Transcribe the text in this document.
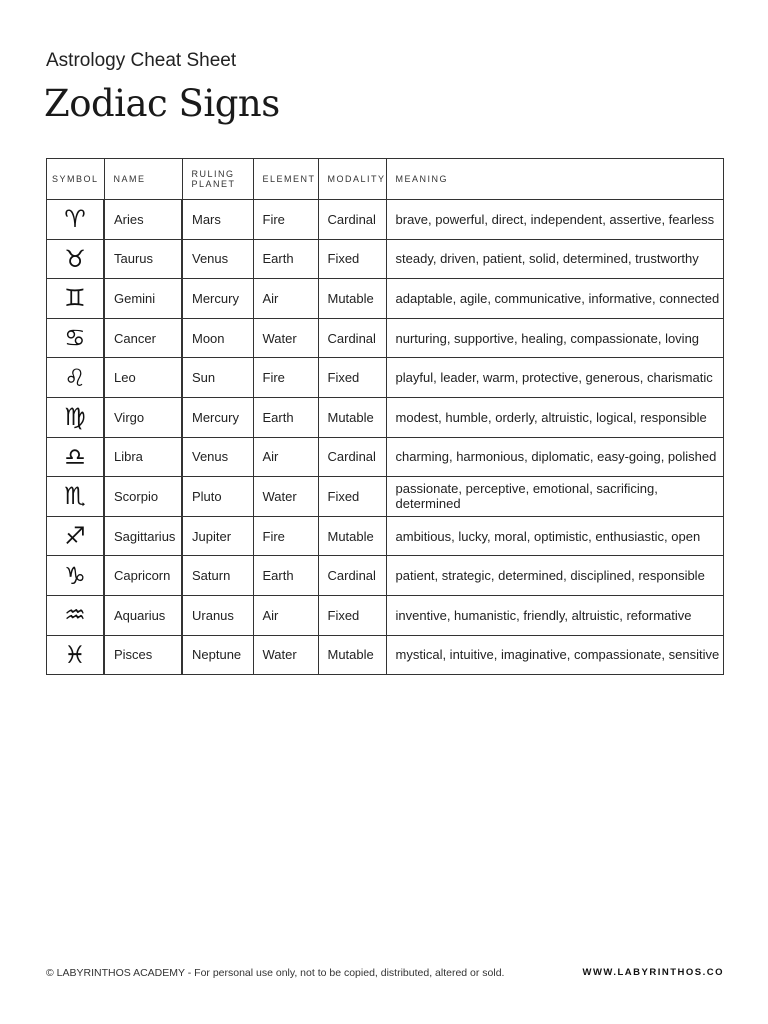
Astrology Cheat Sheet
Zodiac Signs
SYMBOL	NAME	RULING PLANET	ELEMENT	MODALITY	MEANING
♈︎	Aries	Mars	Fire	Cardinal	brave, powerful, direct, independent, assertive, fearless
♉︎	Taurus	Venus	Earth	Fixed	steady, driven, patient, solid, determined, trustworthy
♊︎	Gemini	Mercury	Air	Mutable	adaptable, agile, communicative, informative, connected
♋︎	Cancer	Moon	Water	Cardinal	nurturing, supportive, healing, compassionate, loving
♌︎	Leo	Sun	Fire	Fixed	playful, leader, warm, protective, generous, charismatic
♍︎	Virgo	Mercury	Earth	Mutable	modest, humble, orderly, altruistic, logical, responsible
♎︎	Libra	Venus	Air	Cardinal	charming, harmonious, diplomatic, easy-going, polished
♏︎	Scorpio	Pluto	Water	Fixed	passionate, perceptive, emotional, sacrificing, determined
♐︎	Sagittarius	Jupiter	Fire	Mutable	ambitious, lucky, moral, optimistic, enthusiastic, open
♑︎	Capricorn	Saturn	Earth	Cardinal	patient, strategic, determined, disciplined, responsible
♒︎	Aquarius	Uranus	Air	Fixed	inventive, humanistic, friendly, altruistic, reformative
♓︎	Pisces	Neptune	Water	Mutable	mystical, intuitive, imaginative, compassionate, sensitive
© LABYRINTHOS ACADEMY - For personal use only, not to be copied, distributed, altered or sold.	WWW.LABYRINTHOS.CO
